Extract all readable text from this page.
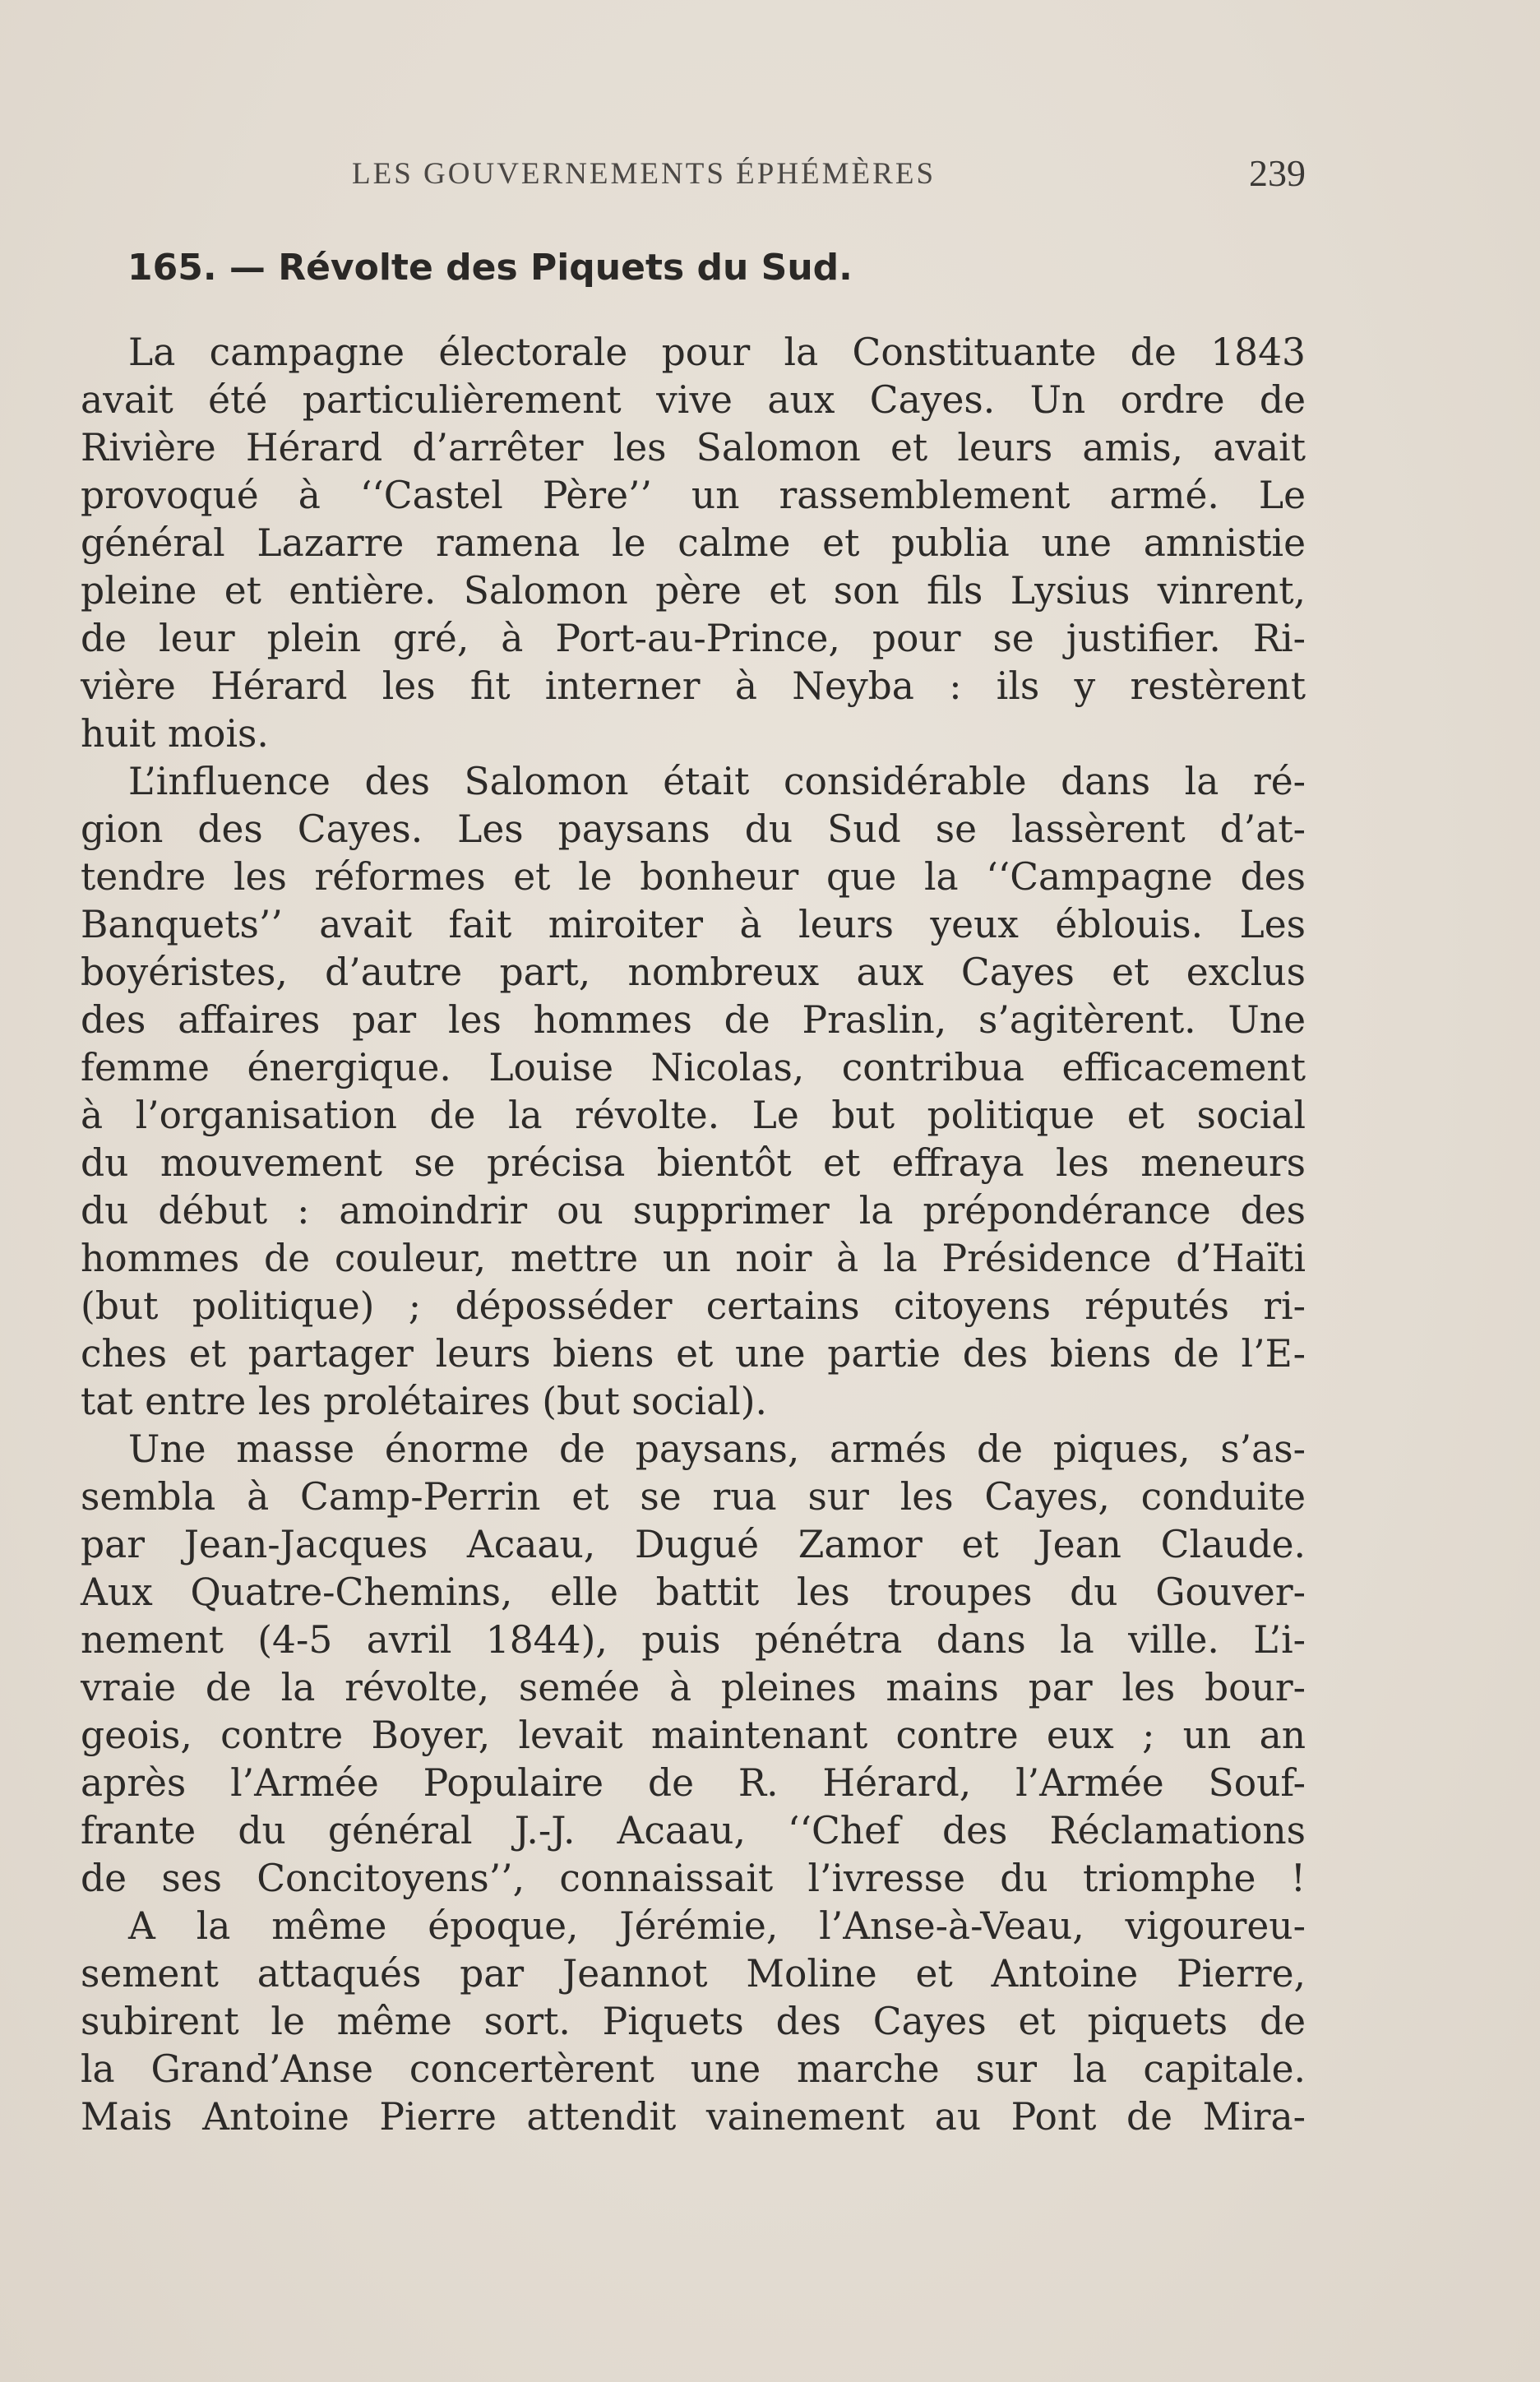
LES GOUVERNEMENTS ÉPHÉMÈRES	239
165. — Révolte des Piquets du Sud.
La campagne électorale pour la Constituante de 1843
avait été particulièrement vive aux Cayes. Un ordre de
Rivière Hérard d’arrêter les Salomon et leurs amis, avait
provoqué à ‘‘Castel Père’’ un rassemblement armé. Le
général Lazarre ramena le calme et publia une amnistie
pleine et entière. Salomon père et son fils Lysius vinrent,
de leur plein gré, à Port-au-Prince, pour se justifier. Ri-
vière Hérard les fit interner à Neyba : ils y restèrent
huit mois.
L’influence des Salomon était considérable dans la ré-
gion des Cayes. Les paysans du Sud se lassèrent d’at-
tendre les réformes et le bonheur que la ‘‘Campagne des
Banquets’’ avait fait miroiter à leurs yeux éblouis. Les
boyéristes, d’autre part, nombreux aux Cayes et exclus
des affaires par les hommes de Praslin, s’agitèrent. Une
femme énergique. Louise Nicolas, contribua efficacement
à l’organisation de la révolte. Le but politique et social
du mouvement se précisa bientôt et effraya les meneurs
du début : amoindrir ou supprimer la prépondérance des
hommes de couleur, mettre un noir à la Présidence d’Haïti
(but politique) ; déposséder certains citoyens réputés ri-
ches et partager leurs biens et une partie des biens de l’E-
tat entre les prolétaires (but social).
Une masse énorme de paysans, armés de piques, s’as-
sembla à Camp-Perrin et se rua sur les Cayes, conduite
par Jean-Jacques Acaau, Dugué Zamor et Jean Claude.
Aux Quatre-Chemins, elle battit les troupes du Gouver-
nement (4-5 avril 1844), puis pénétra dans la ville. L’i-
vraie de la révolte, semée à pleines mains par les bour-
geois, contre Boyer, levait maintenant contre eux ; un an
après l’Armée Populaire de R. Hérard, l’Armée Souf-
frante du général J.-J. Acaau, ‘‘Chef des Réclamations
de ses Concitoyens’’, connaissait l’ivresse du triomphe !
A la même époque, Jérémie, l’Anse-à-Veau, vigoureu-
sement attaqués par Jeannot Moline et Antoine Pierre,
subirent le même sort. Piquets des Cayes et piquets de
la Grand’Anse concertèrent une marche sur la capitale.
Mais Antoine Pierre attendit vainement au Pont de Mira-
